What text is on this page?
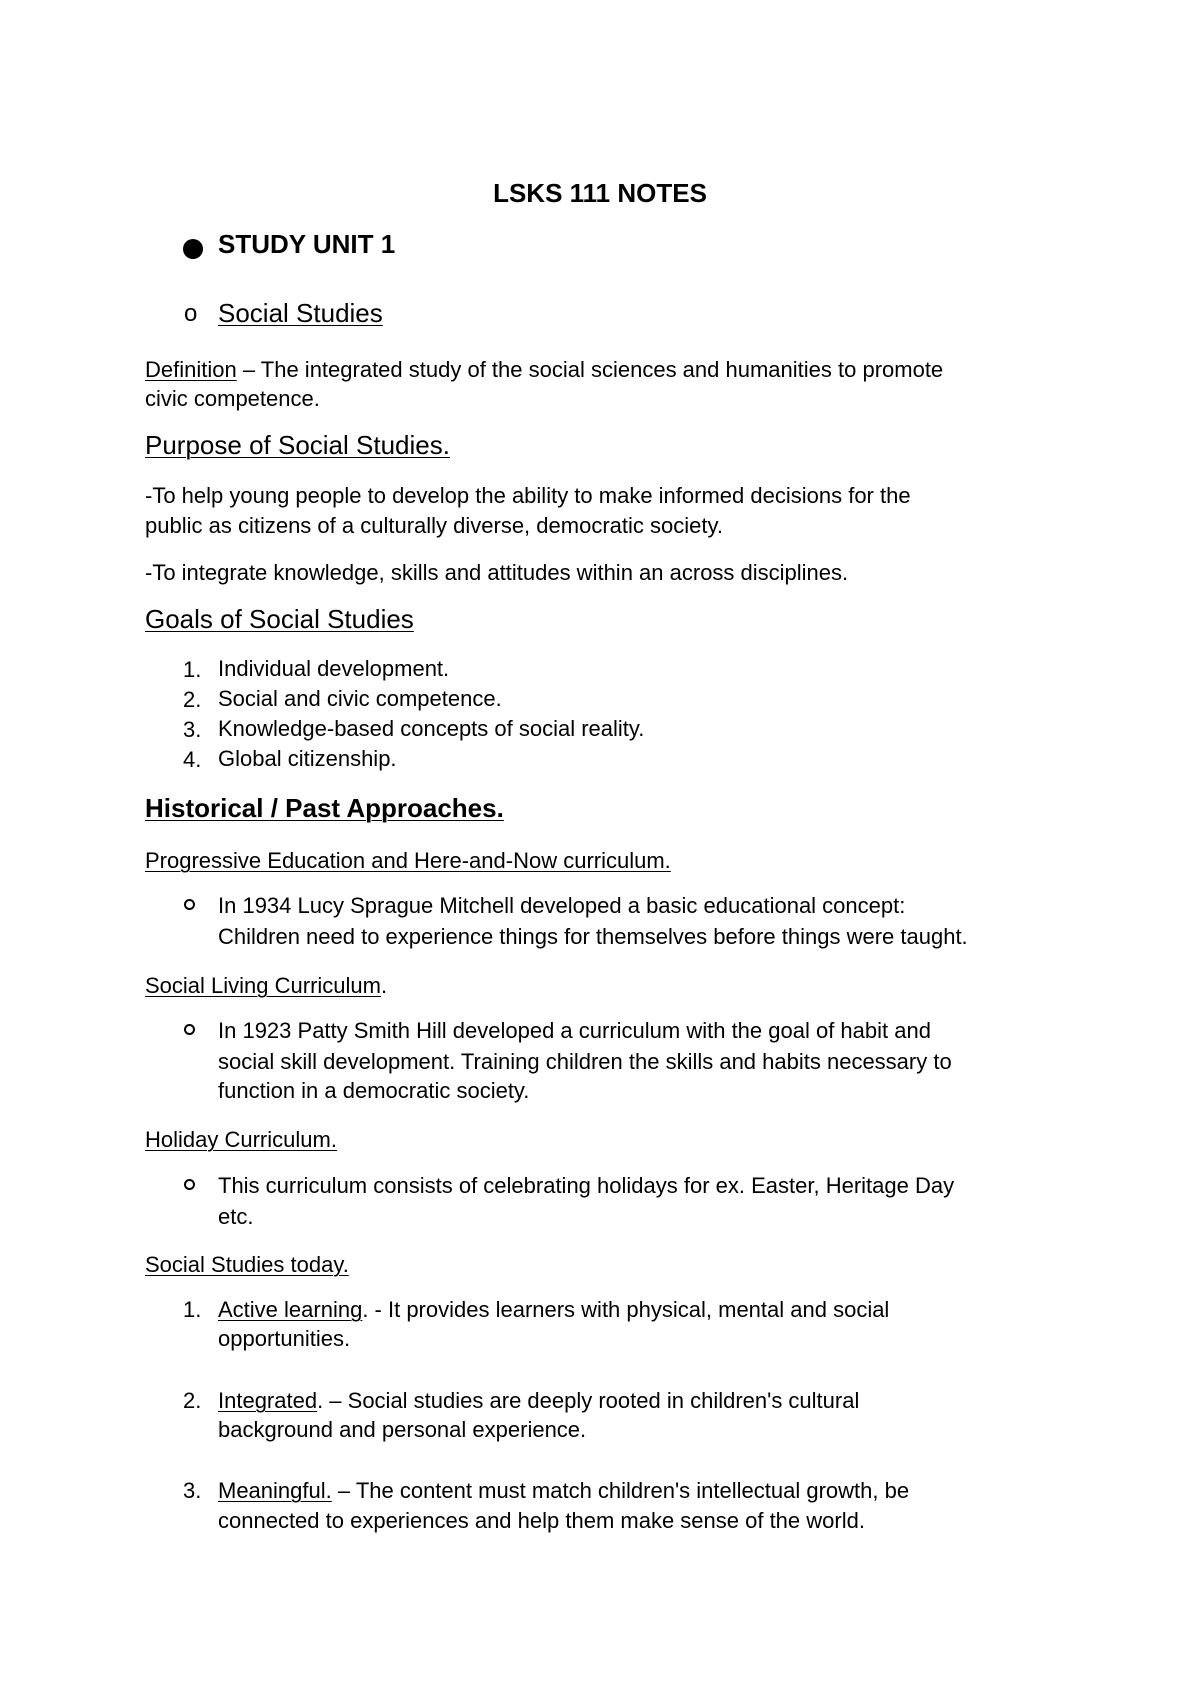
LSKS 111 NOTES
STUDY UNIT 1
o Social Studies
Definition – The integrated study of the social sciences and humanities to promote
civic competence.
Purpose of Social Studies.
-To help young people to develop the ability to make informed decisions for the
public as citizens of a culturally diverse, democratic society.
-To integrate knowledge, skills and attitudes within an across disciplines.
Goals of Social Studies
1. Individual development.
2. Social and civic competence.
3. Knowledge-based concepts of social reality.
4. Global citizenship.
Historical / Past Approaches.
Progressive Education and Here-and-Now curriculum.
In 1934 Lucy Sprague Mitchell developed a basic educational concept:
Children need to experience things for themselves before things were taught.
Social Living Curriculum.
In 1923 Patty Smith Hill developed a curriculum with the goal of habit and
social skill development. Training children the skills and habits necessary to
function in a democratic society.
Holiday Curriculum.
This curriculum consists of celebrating holidays for ex. Easter, Heritage Day
etc.
Social Studies today.
1. Active learning. - It provides learners with physical, mental and social
opportunities.
2. Integrated. – Social studies are deeply rooted in children's cultural
background and personal experience.
3. Meaningful. – The content must match children's intellectual growth, be
connected to experiences and help them make sense of the world.
